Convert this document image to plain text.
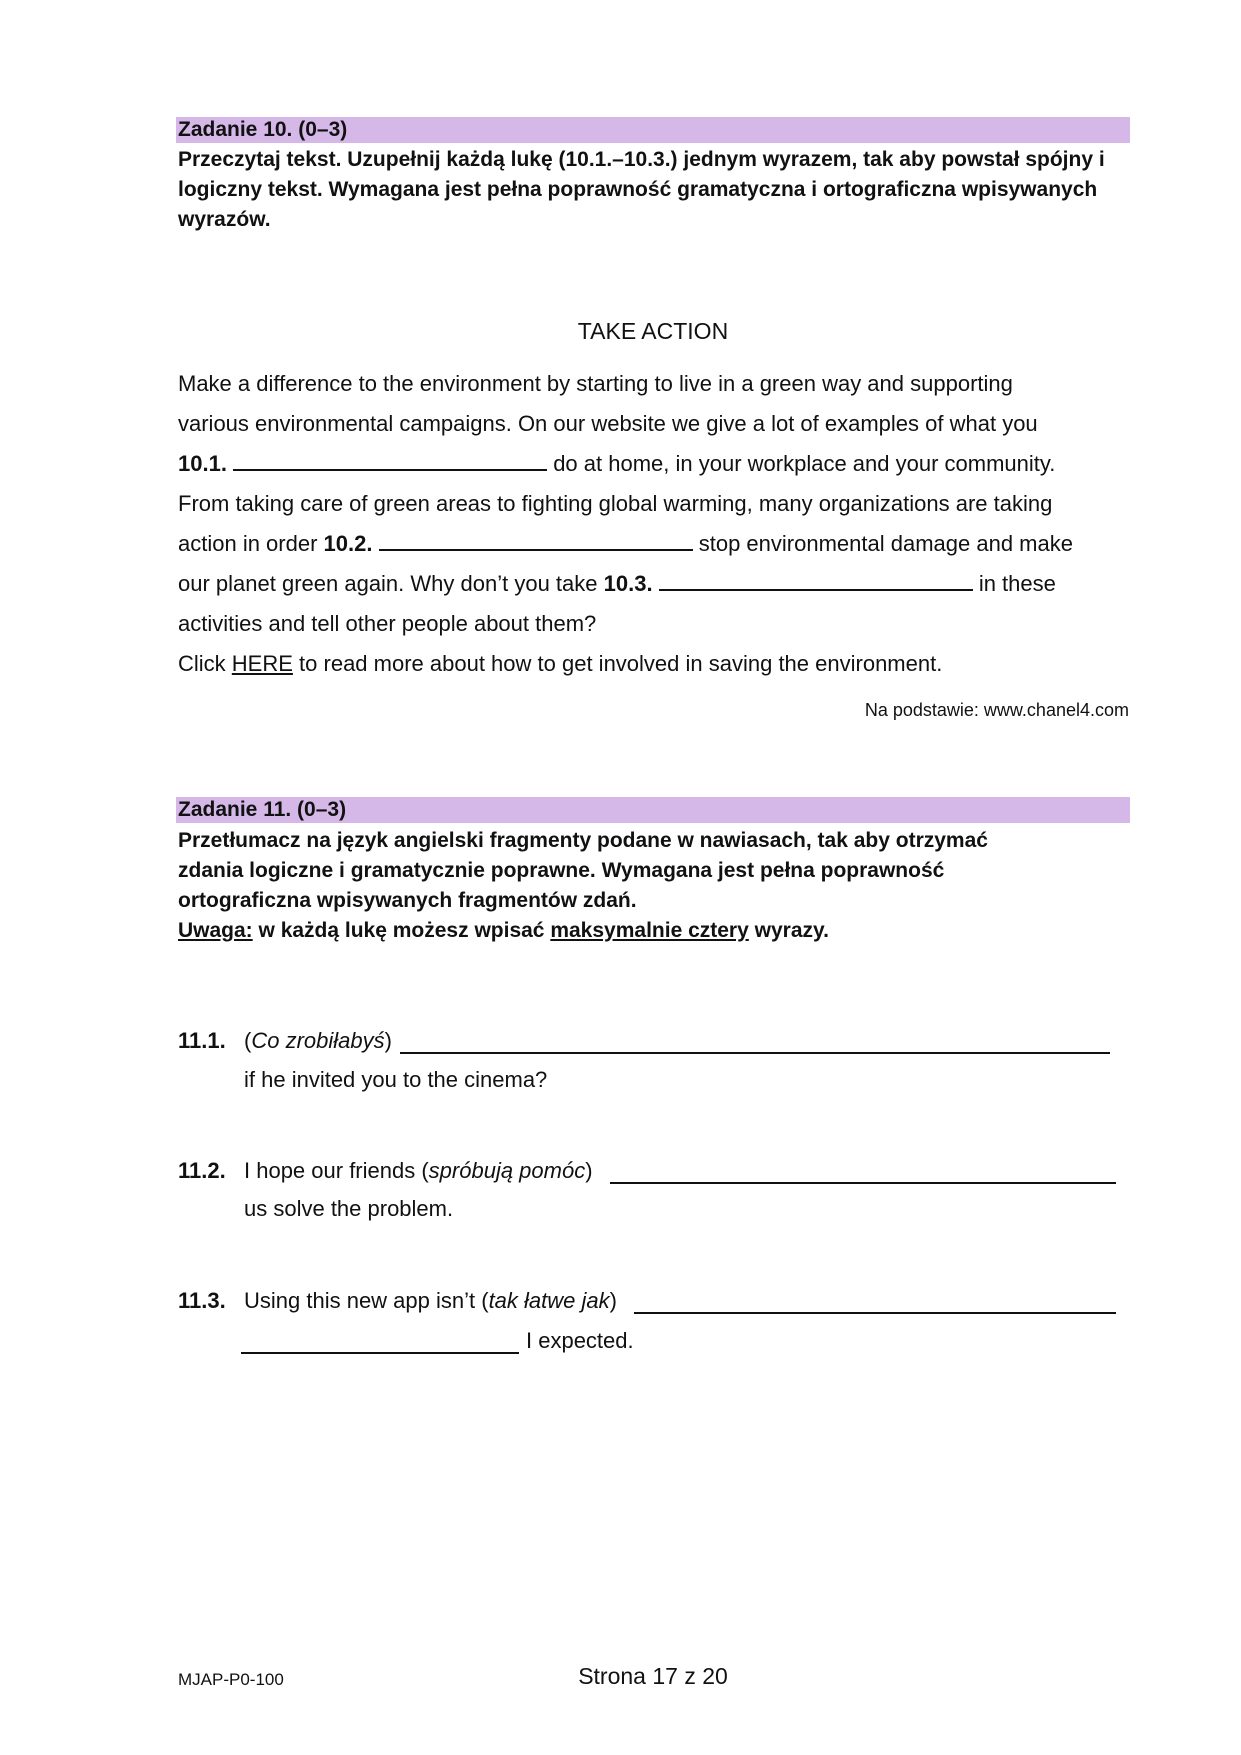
Zadanie 10. (0–3)
Przeczytaj tekst. Uzupełnij każdą lukę (10.1.–10.3.) jednym wyrazem, tak aby powstał spójny i logiczny tekst. Wymagana jest pełna poprawność gramatyczna i ortograficzna wpisywanych wyrazów.
TAKE ACTION
Make a difference to the environment by starting to live in a green way and supporting
various environmental campaigns. On our website we give a lot of examples of what you
10.1.	do at home, in your workplace and your community.
From taking care of green areas to fighting global warming, many organizations are taking
action in order 10.2.	stop environmental damage and make
our planet green again. Why don’t you take 10.3.	in these
activities and tell other people about them?
Click HERE to read more about how to get involved in saving the environment.
Na podstawie: www.chanel4.com
Zadanie 11. (0–3)
Przetłumacz na język angielski fragmenty podane w nawiasach, tak aby otrzymać
zdania logiczne i gramatycznie poprawne. Wymagana jest pełna poprawność
ortograficzna wpisywanych fragmentów zdań.
Uwaga: w każdą lukę możesz wpisać maksymalnie cztery wyrazy.
11.1. (Co zrobiłabyś)
if he invited you to the cinema?
11.2. I hope our friends (spróbują pomóc)
us solve the problem.
11.3. Using this new app isn’t (tak łatwe jak)
I expected.
MJAP-P0-100	Strona 17 z 20
